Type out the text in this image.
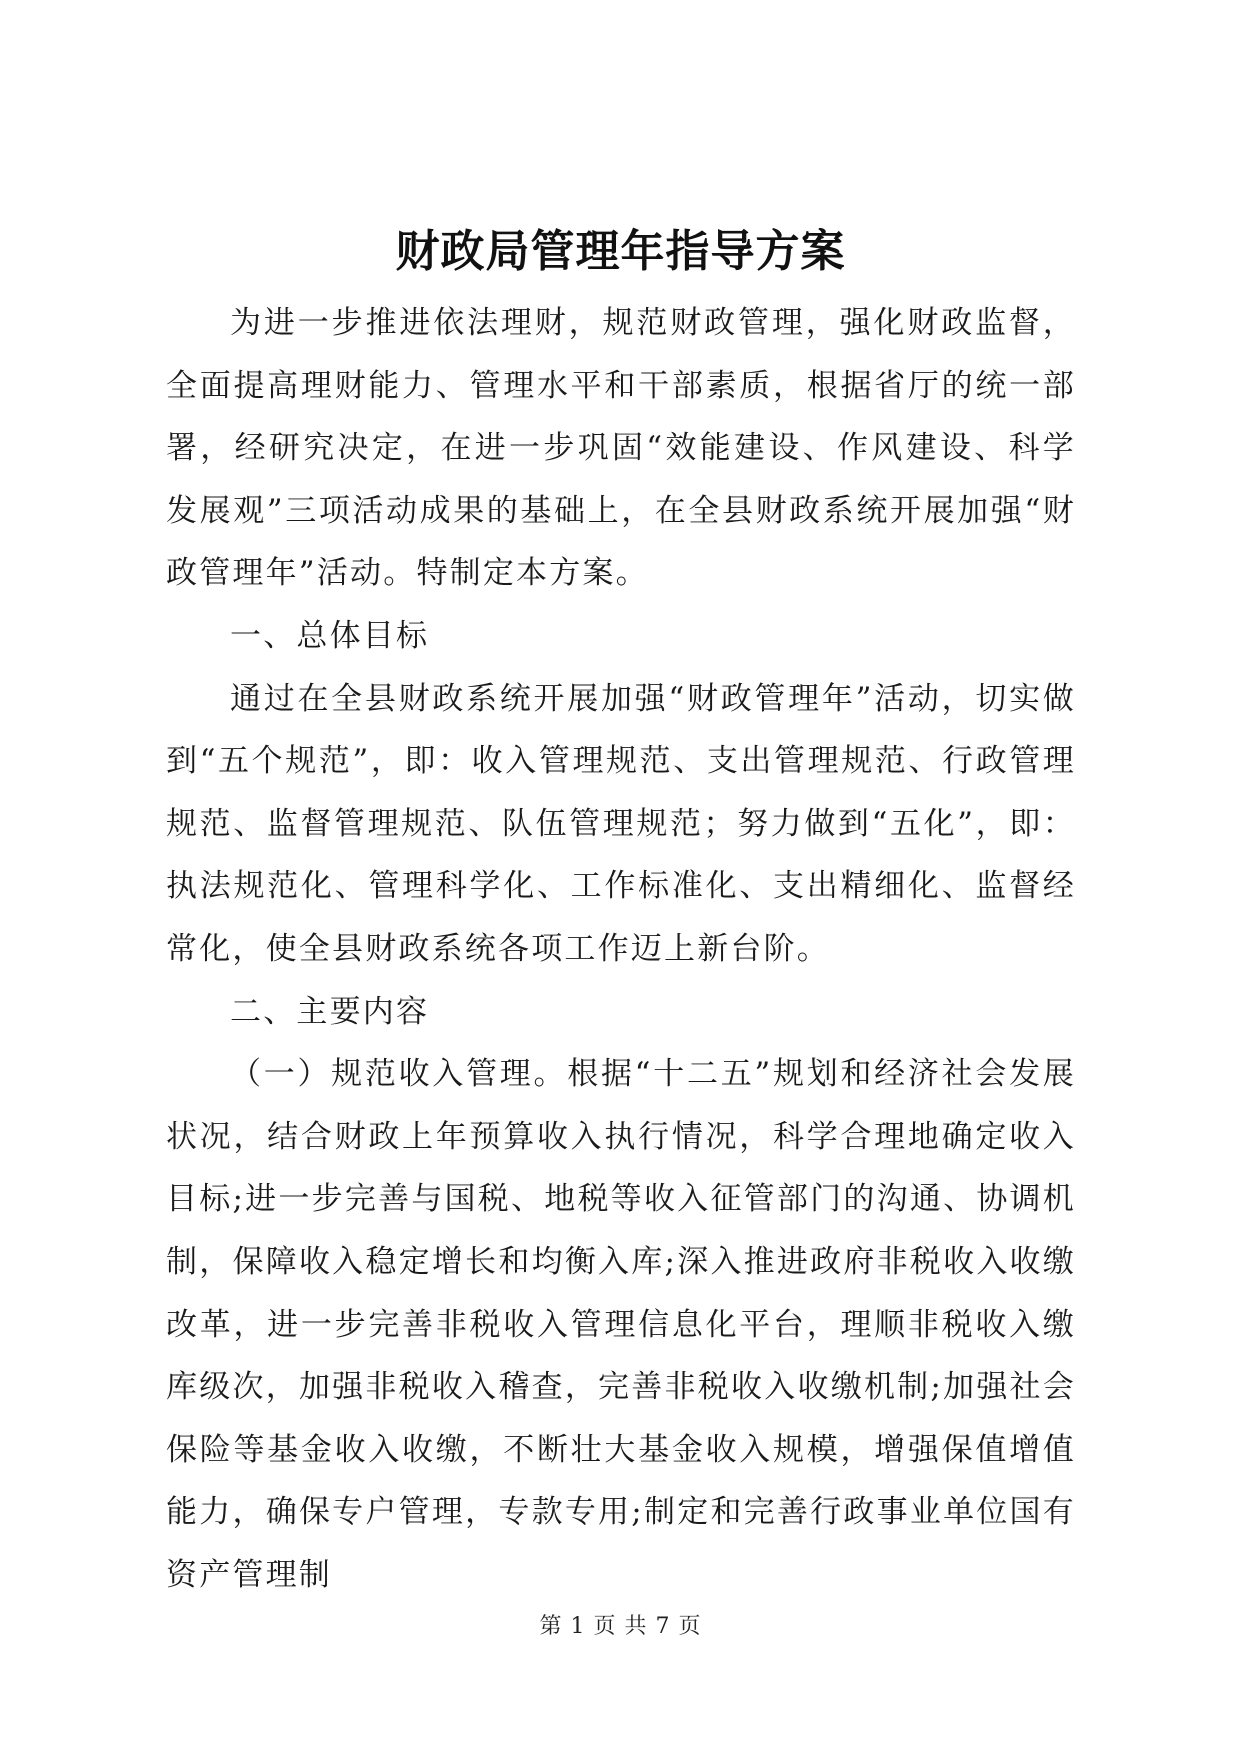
财政局管理年指导方案

为进一步推进依法理财，规范财政管理，强化财政监督，全面提高理财能力、管理水平和干部素质，根据省厅的统一部署，经研究决定，在进一步巩固“效能建设、作风建设、科学发展观”三项活动成果的基础上，在全县财政系统开展加强“财政管理年”活动。特制定本方案。

一、总体目标

通过在全县财政系统开展加强“财政管理年”活动，切实做到“五个规范”，即：收入管理规范、支出管理规范、行政管理规范、监督管理规范、队伍管理规范；努力做到“五化”，即：执法规范化、管理科学化、工作标准化、支出精细化、监督经常化，使全县财政系统各项工作迈上新台阶。

二、主要内容

（一）规范收入管理。根据“十二五”规划和经济社会发展状况，结合财政上年预算收入执行情况，科学合理地确定收入目标;进一步完善与国税、地税等收入征管部门的沟通、协调机制，保障收入稳定增长和均衡入库;深入推进政府非税收入收缴改革，进一步完善非税收入管理信息化平台，理顺非税收入缴库级次，加强非税收入稽查，完善非税收入收缴机制;加强社会保险等基金收入收缴，不断壮大基金收入规模，增强保值增值能力，确保专户管理，专款专用;制定和完善行政事业单位国有资产管理制

第 1 页 共 7 页
